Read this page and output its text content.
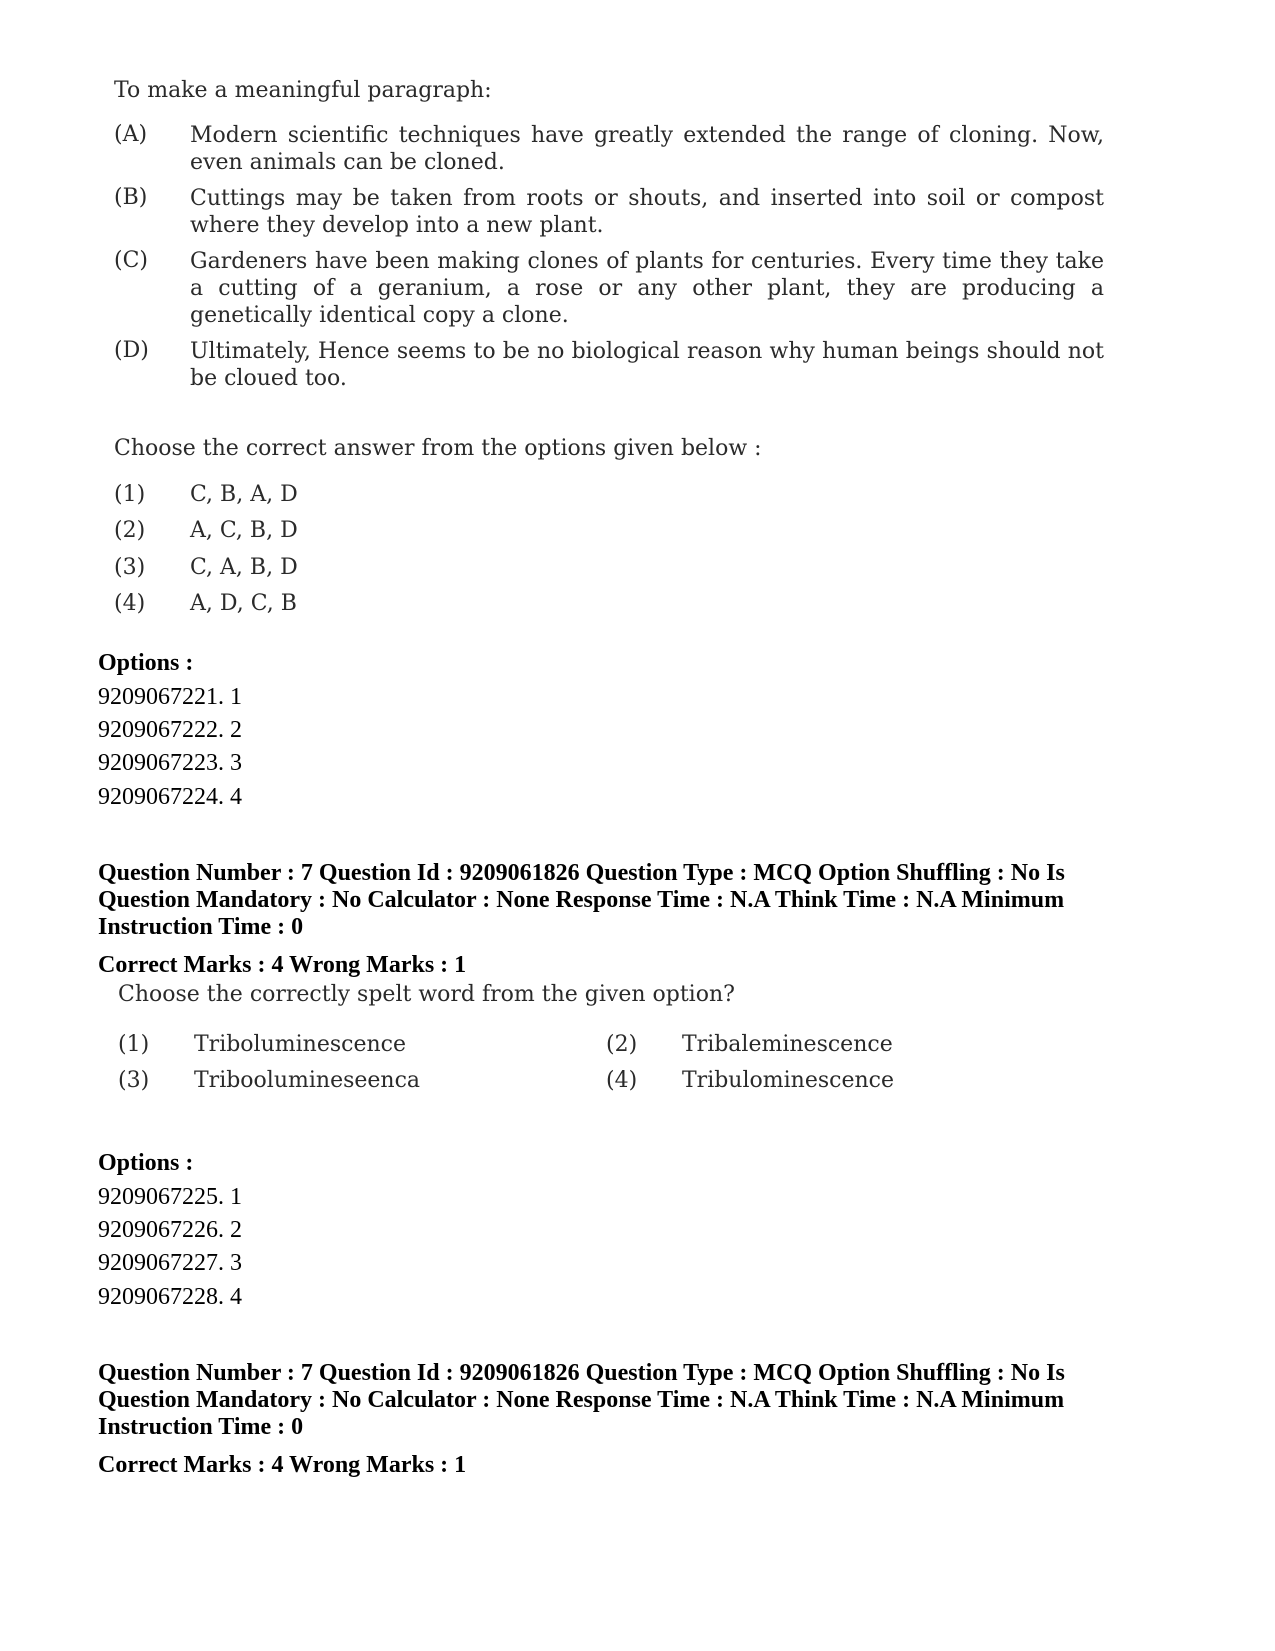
To make a meaningful paragraph:
(A) Modern scientific techniques have greatly extended the range of cloning. Now, even animals can be cloned.
(B) Cuttings may be taken from roots or shouts, and inserted into soil or compost where they develop into a new plant.
(C) Gardeners have been making clones of plants for centuries. Every time they take a cutting of a geranium, a rose or any other plant, they are producing a genetically identical copy a clone.
(D) Ultimately, Hence seems to be no biological reason why human beings should not be cloued too.
Choose the correct answer from the options given below :
(1) C, B, A, D
(2) A, C, B, D
(3) C, A, B, D
(4) A, D, C, B
Options :
9209067221. 1
9209067222. 2
9209067223. 3
9209067224. 4
Question Number : 7 Question Id : 9209061826 Question Type : MCQ Option Shuffling : No Is Question Mandatory : No Calculator : None Response Time : N.A Think Time : N.A Minimum Instruction Time : 0
Correct Marks : 4 Wrong Marks : 1
Choose the correctly spelt word from the given option?
(1) Triboluminescence	(2) Tribaleminescence
(3) Triboolumineseenca	(4) Tribulominescence
Options :
9209067225. 1
9209067226. 2
9209067227. 3
9209067228. 4
Question Number : 7 Question Id : 9209061826 Question Type : MCQ Option Shuffling : No Is Question Mandatory : No Calculator : None Response Time : N.A Think Time : N.A Minimum Instruction Time : 0
Correct Marks : 4 Wrong Marks : 1
